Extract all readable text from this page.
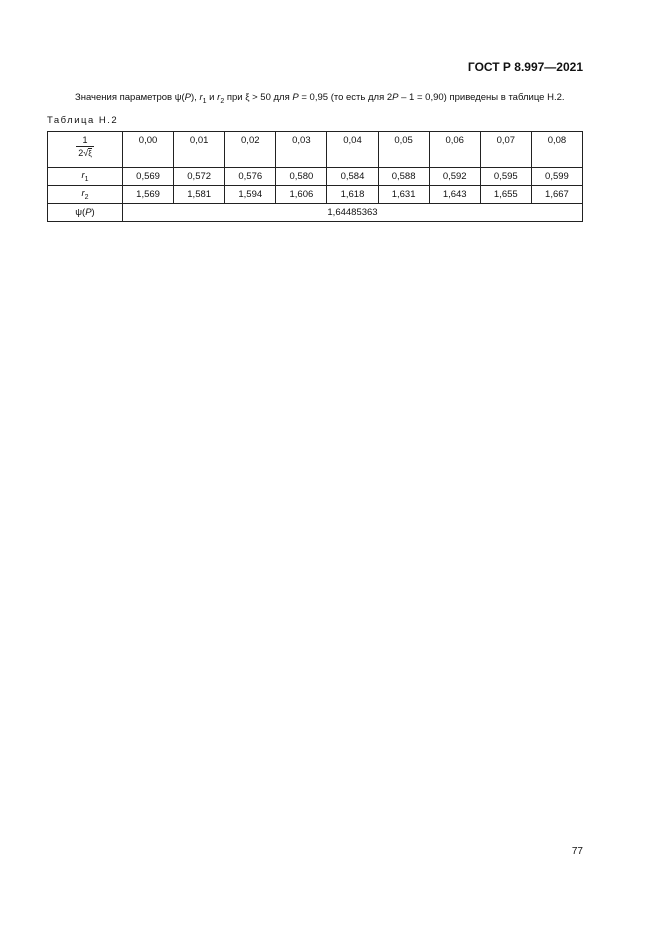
ГОСТ Р 8.997—2021
Значения параметров ψ(P), $r_1$ и $r_2$ при ξ > 50 для P = 0,95 (то есть для 2P – 1 = 0,90) приведены в таблице Н.2.
Таблица Н.2
$\frac{1}{2√\xi}$	0,00	0,01	0,02	0,03	0,04	0,05	0,06	0,07	0,08
$r_1$	0,569	0,572	0,576	0,580	0,584	0,588	0,592	0,595	0,599
$r_2$	1,569	1,581	1,594	1,606	1,618	1,631	1,643	1,655	1,667
ψ(P)	1,64485363								
77
